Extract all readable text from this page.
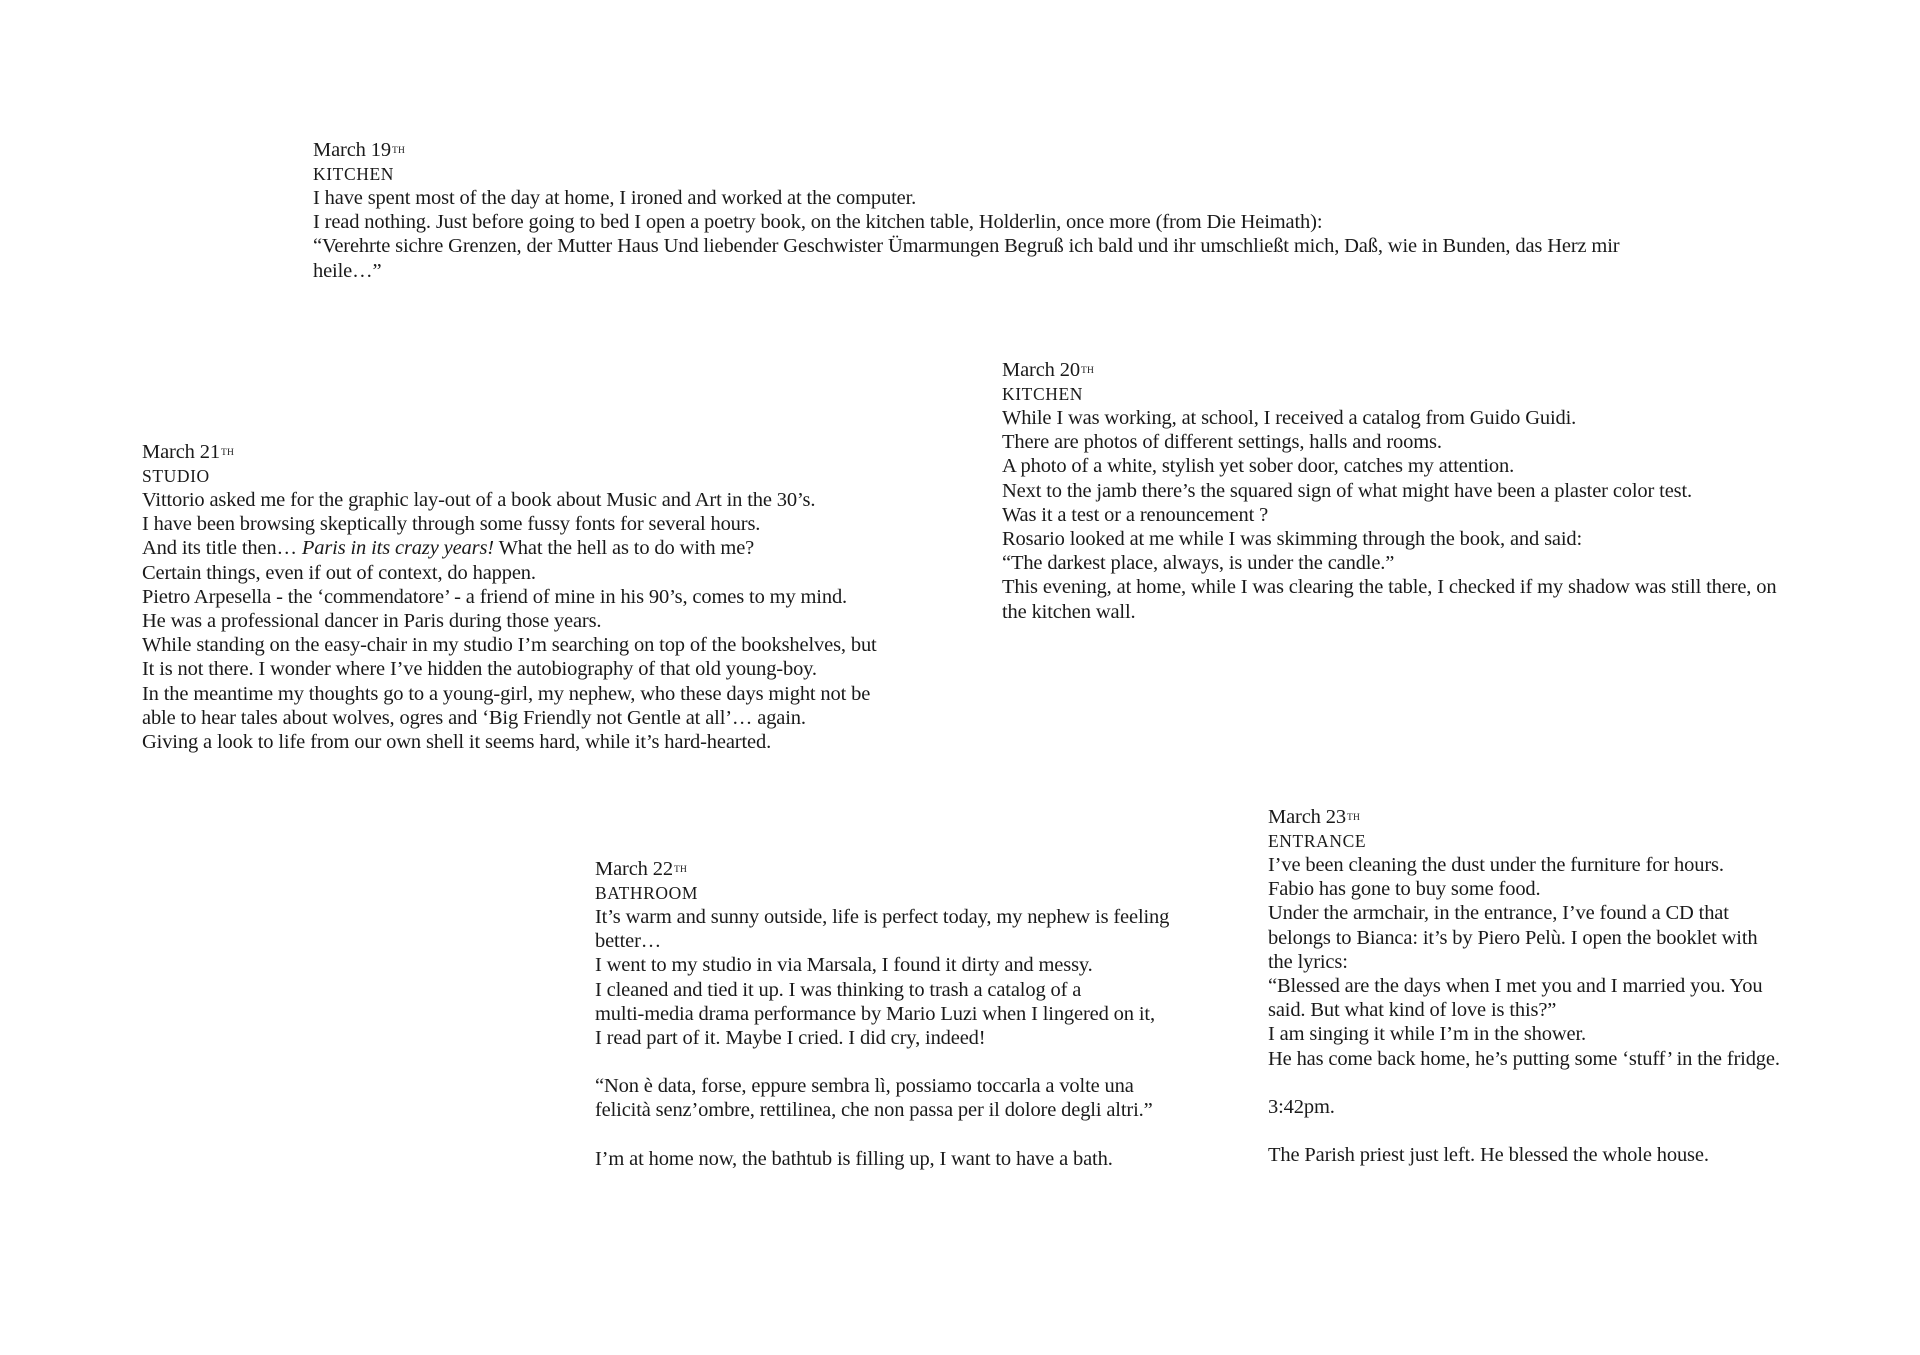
March 19TH

KITCHEN

I have spent most of the day at home, I ironed and worked at the computer.

I read nothing. Just before going to bed I open a poetry book, on the kitchen table, Holderlin, once more (from Die Heimath):

“Verehrte sichre Grenzen, der Mutter Haus Und liebender Geschwister Ümarmungen Begruß ich bald und ihr umschließt mich, Daß, wie in Bunden, das Herz mir

heile…”

March 20TH

KITCHEN

While I was working, at school, I received a catalog from Guido Guidi.

There are photos of different settings, halls and rooms.

A photo of a white, stylish yet sober door, catches my attention.

Next to the jamb there’s the squared sign of what might have been a plaster color test.

Was it a test or a renouncement ?

Rosario looked at me while I was skimming through the book, and said:

“The darkest place, always, is under the candle.”

This evening, at home, while I was clearing the table, I checked if my shadow was still there, on

the kitchen wall.

March 21TH

STUDIO

Vittorio asked me for the graphic lay-out of a book about Music and Art in the 30’s.

I have been browsing skeptically through some fussy fonts for several hours.

And its title then… Paris in its crazy years! What the hell as to do with me?

Certain things, even if out of context, do happen.

Pietro Arpesella - the ‘commendatore’ - a friend of mine in his 90’s, comes to my mind.

He was a professional dancer in Paris during those years.

While standing on the easy-chair in my studio I’m searching on top of the bookshelves, but

It is not there. I wonder where I’ve hidden the autobiography of that old young-boy.

In the meantime my thoughts go to a young-girl, my nephew, who these days might not be

able to hear tales about wolves, ogres and ‘Big Friendly not Gentle at all’… again.

Giving a look to life from our own shell it seems hard, while it’s hard-hearted.

March 22TH

BATHROOM

It’s warm and sunny outside, life is perfect today, my nephew is feeling

better…

I went to my studio in via Marsala, I found it dirty and messy.

I cleaned and tied it up. I was thinking to trash a catalog of a

multi-media drama performance by Mario Luzi when I lingered on it,

I read part of it. Maybe I cried. I did cry, indeed!

“Non è data, forse, eppure sembra lì, possiamo toccarla a volte una

felicità senz’ombre, rettilinea, che non passa per il dolore degli altri.”

I’m at home now, the bathtub is filling up, I want to have a bath.

March 23TH

ENTRANCE

I’ve been cleaning the dust under the furniture for hours.

Fabio has gone to buy some food.

Under the armchair, in the entrance, I’ve found a CD that

belongs to Bianca: it’s by Piero Pelù. I open the booklet with

the lyrics:

“Blessed are the days when I met you and I married you. You

said. But what kind of love is this?”

I am singing it while I’m in the shower.

He has come back home, he’s putting some ‘stuff’ in the fridge.

3:42pm.

The Parish priest just left. He blessed the whole house.
